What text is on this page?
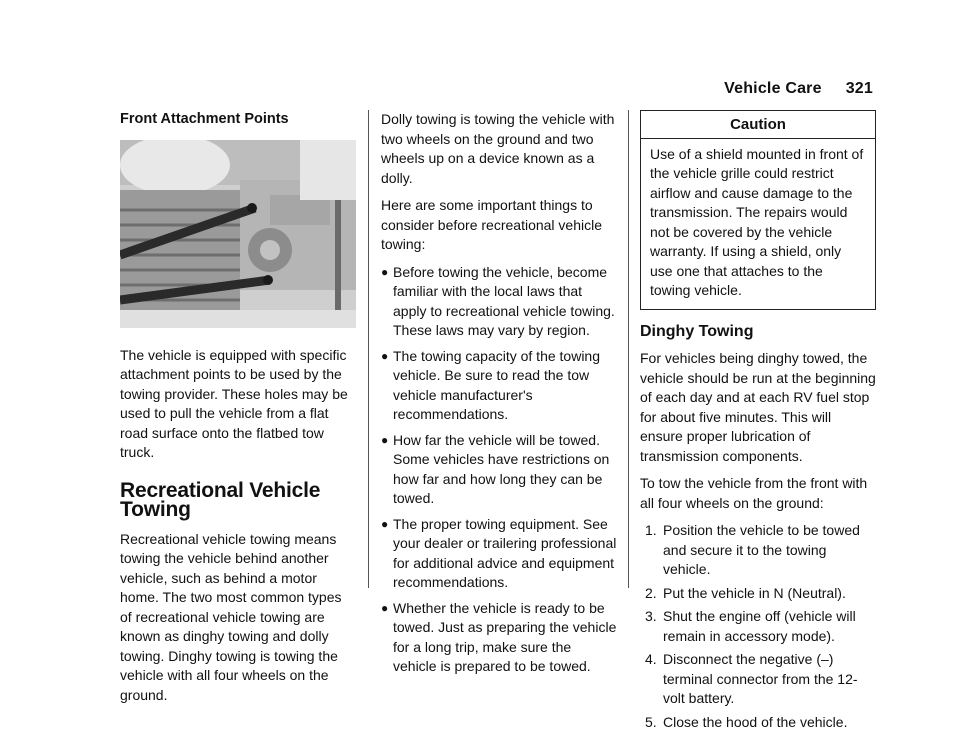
Vehicle Care 321
Front Attachment Points

The vehicle is equipped with specific attachment points to be used by the towing provider. These holes may be used to pull the vehicle from a flat road surface onto the flatbed tow truck.

Recreational Vehicle Towing

Recreational vehicle towing means towing the vehicle behind another vehicle, such as behind a motor home. The two most common types of recreational vehicle towing are known as dinghy towing and dolly towing. Dinghy towing is towing the vehicle with all four wheels on the ground.

Dolly towing is towing the vehicle with two wheels on the ground and two wheels up on a device known as a dolly.

Here are some important things to consider before recreational vehicle towing:

● Before towing the vehicle, become familiar with the local laws that apply to recreational vehicle towing. These laws may vary by region.
● The towing capacity of the towing vehicle. Be sure to read the tow vehicle manufacturer's recommendations.
● How far the vehicle will be towed. Some vehicles have restrictions on how far and how long they can be towed.
● The proper towing equipment. See your dealer or trailering professional for additional advice and equipment recommendations.
● Whether the vehicle is ready to be towed. Just as preparing the vehicle for a long trip, make sure the vehicle is prepared to be towed.
Caution
Use of a shield mounted in front of the vehicle grille could restrict airflow and cause damage to the transmission. The repairs would not be covered by the vehicle warranty. If using a shield, only use one that attaches to the towing vehicle.
Dinghy Towing

For vehicles being dinghy towed, the vehicle should be run at the beginning of each day and at each RV fuel stop for about five minutes. This will ensure proper lubrication of transmission components.

To tow the vehicle from the front with all four wheels on the ground:

1. Position the vehicle to be towed and secure it to the towing vehicle.
2. Put the vehicle in N (Neutral).
3. Shut the engine off (vehicle will remain in accessory mode).
4. Disconnect the negative (–) terminal connector from the 12-volt battery.
5. Close the hood of the vehicle.
